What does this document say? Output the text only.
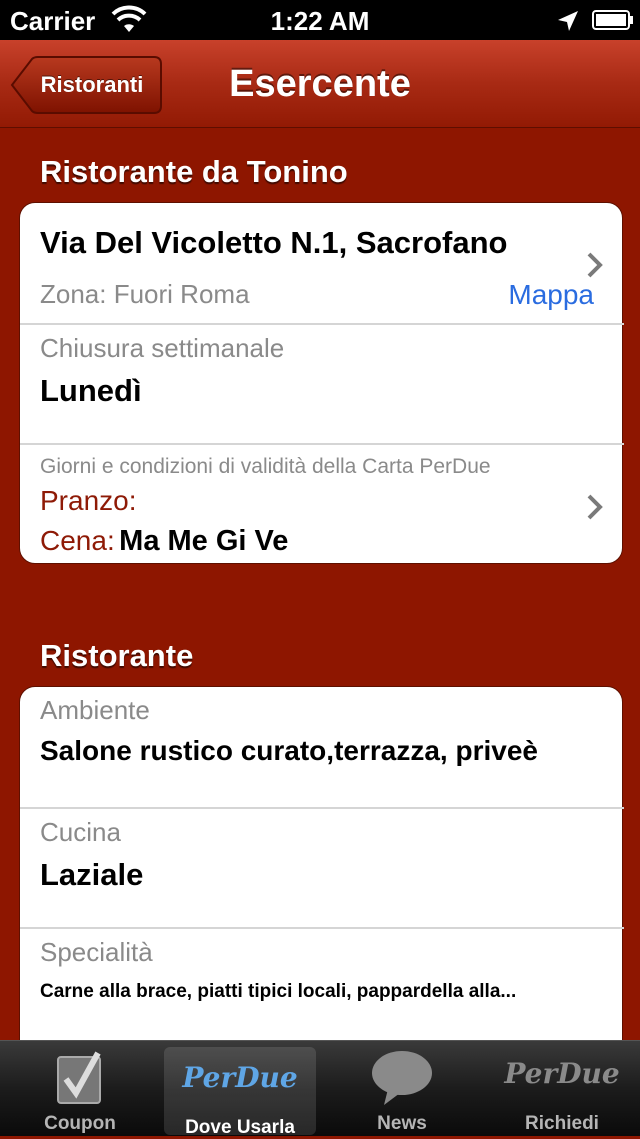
Carrier	1:22 AM
Esercente
Ristoranti
Ristorante da Tonino
Via Del Vicoletto N.1, Sacrofano
Zona: Fuori Roma	Mappa
Chiusura settimanale
Lunedì
Giorni e condizioni di validità della Carta PerDue
Pranzo:
Cena: Ma Me Gi Ve
Ristorante
Ambiente
Salone rustico curato,terrazza, priveè
Cucina
Laziale
Specialità
Carne alla brace, piatti tipici locali, pappardella alla...
Coupon
PerDue
Dove Usarla	News
PerDue
Richiedi
